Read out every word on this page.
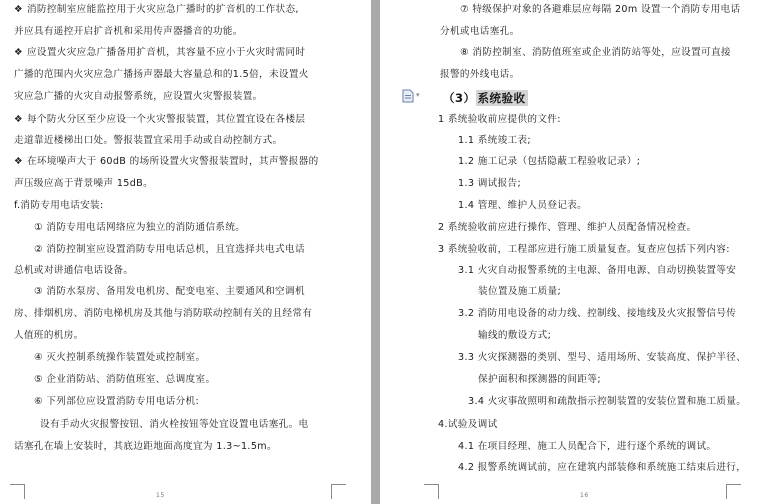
❖ 消防控制室应能监控用于火灾应急广播时的扩音机的工作状态,
并应具有遥控开启扩音机和采用传声器播音的功能。
❖ 应设置火灾应急广播备用扩音机，其容量不应小于火灾时需同时
广播的范围内火灾应急广播扬声器最大容量总和的1.5倍，未设置火
灾应急广播的火灾自动报警系统，应设置火灾警报装置。
❖ 每个防火分区至少应设一个火灾警报装置，其位置宜设在各楼层
走道靠近楼梯出口处。警报装置宜采用手动或自动控制方式。
❖ 在环境噪声大于 60dB 的场所设置火灾警报装置时，其声警报器的
声压级应高于背景噪声 15dB。
f.消防专用电话安装:
① 消防专用电话网络应为独立的消防通信系统。
② 消防控制室应设置消防专用电话总机，且宜选择共电式电话
总机或对讲通信电话设备。
③ 消防水泵房、备用发电机房、配变电室、主要通风和空调机
房、排烟机房、消防电梯机房及其他与消防联动控制有关的且经常有
人值班的机房。
④ 灭火控制系统操作装置处或控制室。
⑤ 企业消防站、消防值班室、总调度室。
⑥ 下列部位应设置消防专用电话分机:
设有手动火灾报警按钮、消火栓按钮等处宜设置电话塞孔。电
话塞孔在墙上安装时，其底边距地面高度宜为 1.3~1.5m。
15
⑦ 特级保护对象的各避难层应每隔 20m 设置一个消防专用电话
分机或电话塞孔。
⑧ 消防控制室、消防值班室或企业消防站等处，应设置可直接
报警的外线电话。
▾ （3） 系统验收
1 系统验收前应提供的文件:
1.1 系统竣工表;
1.2 施工记录（包括隐蔽工程验收记录）;
1.3 调试报告;
1.4 管理、维护人员登记表。
2 系统验收前应进行操作、管理、维护人员配备情况检查。
3 系统验收前，工程部应进行施工质量复查。复查应包括下列内容:
3.1 火灾自动报警系统的主电源、备用电源、自动切换装置等安
装位置及施工质量;
3.2 消防用电设备的动力线、控制线、接地线及火灾报警信号传
输线的敷设方式;
3.3 火灾探测器的类别、型号、适用场所、安装高度、保护半径、
保护面积和探测器的间距等;
3.4 火灾事故照明和疏散指示控制装置的安装位置和施工质量。
4.试验及调试
4.1 在项目经理、施工人员配合下，进行逐个系统的调试。
4.2 报警系统调试前，应在建筑内部装修和系统施工结束后进行，
16
